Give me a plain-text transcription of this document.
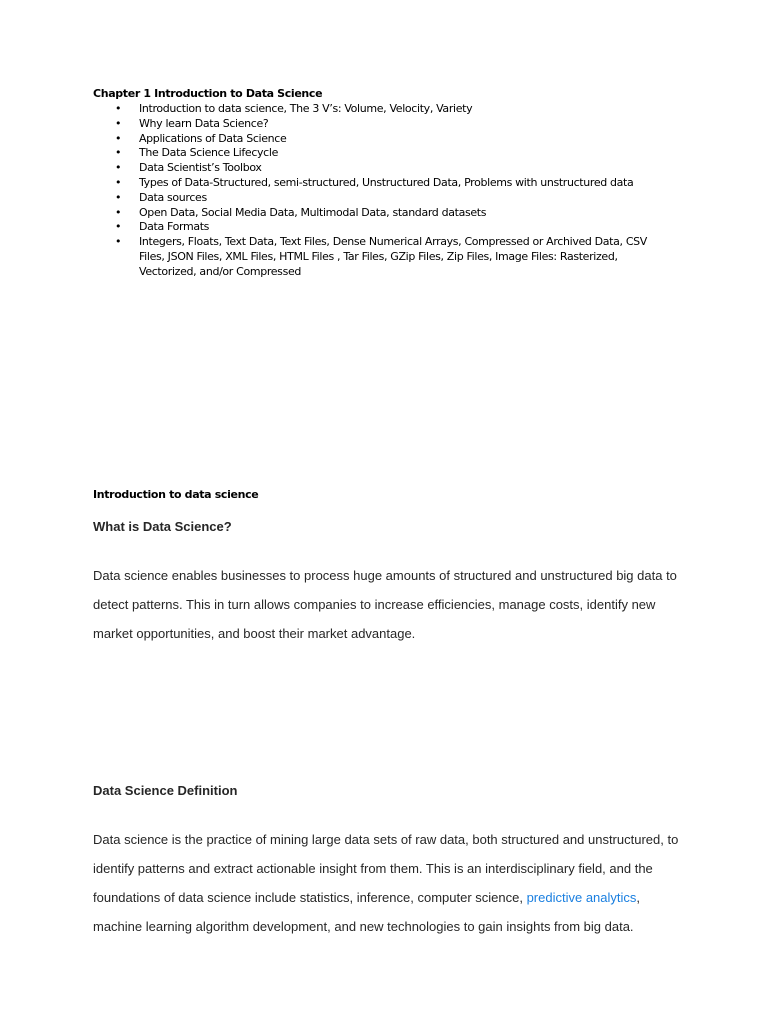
Chapter 1 Introduction to Data Science
• Introduction to data science, The 3 V’s: Volume, Velocity, Variety
• Why learn Data Science?
• Applications of Data Science
• The Data Science Lifecycle
• Data Scientist’s Toolbox
• Types of Data-Structured, semi-structured, Unstructured Data, Problems with unstructured data
• Data sources
• Open Data, Social Media Data, Multimodal Data, standard datasets
• Data Formats
• Integers, Floats, Text Data, Text Files, Dense Numerical Arrays, Compressed or Archived Data, CSV Files, JSON Files, XML Files, HTML Files , Tar Files, GZip Files, Zip Files, Image Files: Rasterized, Vectorized, and/or Compressed
Introduction to data science
What is Data Science?

Data science enables businesses to process huge amounts of structured and unstructured big data to
detect patterns. This in turn allows companies to increase efficiencies, manage costs, identify new
market opportunities, and boost their market advantage.

Data Science Definition

Data science is the practice of mining large data sets of raw data, both structured and unstructured, to
identify patterns and extract actionable insight from them. This is an interdisciplinary field, and the
foundations of data science include statistics, inference, computer science, predictive analytics,
machine learning algorithm development, and new technologies to gain insights from big data.
